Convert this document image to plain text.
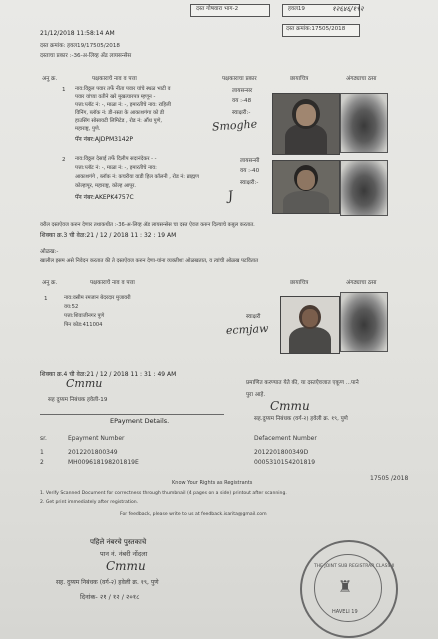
दस्त गोषवारा भाग-2	हवल19	१२६४६/१९२
21/12/2018 11:58:14 AM
दस्त क्रमांक:17505/2018
दस्त क्रमांक: हवल19/17505/2018
दस्ताचा प्रकार :-36-अ-लिव्ह ॲड लायसन्सेस
अनु क्र.	पक्षकाराचे नाव व पत्ता	पक्षकाराचा प्रकार	छायाचित्र	अंगठ्याचा ठसा
1 नाव:विठ्ठल पवार तर्फे नीता पवार यांचे स्थळ भाटी व
पवार यांच्या वतीने खरे मुखत्यारपत्र म्हणून -
पत्ता:प्लॉट नं: -, माळा नं: -, इमारतीचे नाव: राहिली
विनिंग, ब्लॉक नं: डी-रस्ता के आकाशगंगा को डी
हाउसिंग सोसायटी लिमिटेड , रोड नं: औंध पुणे,
महाराष्ट्र, पुणे.
पॅन नंबर:AJDPM3142P
लायसन्सर
वय :-48
स्वाक्षरी:-
Smoghe
2 नाव:विठ्ठल देसाई तर्फे दिलीप सदानंदेकर - -
पत्ता:प्लॉट नं: -, माळा नं: -, इमारतीचे नाव:
आकाशगंगे , ब्लॉक नं: कचरीया वाडी हिल कॉलनी , रोड नं: ब्राह्मण
कोल्हापूर, महाराष्ट्र, कोल्ह आपूर.
पॅन नंबर:AKEPK4757C
लायसन्सी
वय :-40
स्वाक्षरी:-
J
वरील दस्तऐवज करुन देणार तथाकथीत :-36-अ-लिव्ह ॲड लायसन्सेस चा दस्त ऐवज करुन दिल्याचे कबुल करतात.
शिक्का क्र.3 ची वेळ:21 / 12 / 2018 11 : 32 : 19 AM
ओळख:-
खालील इसम असे निवेदन करतात की ते दस्तऐवज करुन देणा-यांना व्यक्तीशः ओळखतात, व त्यांची ओळख पटवितात
अनु क्र.	पक्षकाराचे नाव व पत्ता	छायाचित्र	अंगठ्याचा ठसा
1	नाव:वसीम रमजान बेदरदार मुजावरी
वय:52
पत्ता:शिवाजीनगर पुणे
पिन कोड:411004
स्वाक्षरी
ecmjaw
शिक्का क्र.4 ची वेळ:21 / 12 / 2018 11 : 31 : 49 AM
Cmmu
सह दुय्यम निबंधक हवेली-19
प्रमाणित करण्यात येते की, या दस्तऐवजात एकूण ...पाने
पुरा आहे.
Cmmu
सह.दुय्यम निबंधक (वर्ग-२) हवेली क्र. १९, पुणे
EPayment Details.
sr.	Epayment Number	Defacement Number
1	2012201800349	2012201800349D
2	MH009618198201819E	0005310154201819
17505 /2018
Know Your Rights as Registrants
1. Verify Scanned Document for correctness through thumbnail (4 pages on a side) printout after scanning.
2. Get print immediately after registration.
For feedback, please write to us at feedback.isarita@gmail.com
पहिले नंबरचे पुस्तकाचे
पान नं. नंबरी नोंदला
Cmmu
सह. दुय्यम निबंधक (वर्ग-२) हवेली क्र. १९, पुणे
दिनांक- २१ / १२ / २०१८
THE JOINT SUB REGISTRAR CLASS II
♜
HAVELI 19
